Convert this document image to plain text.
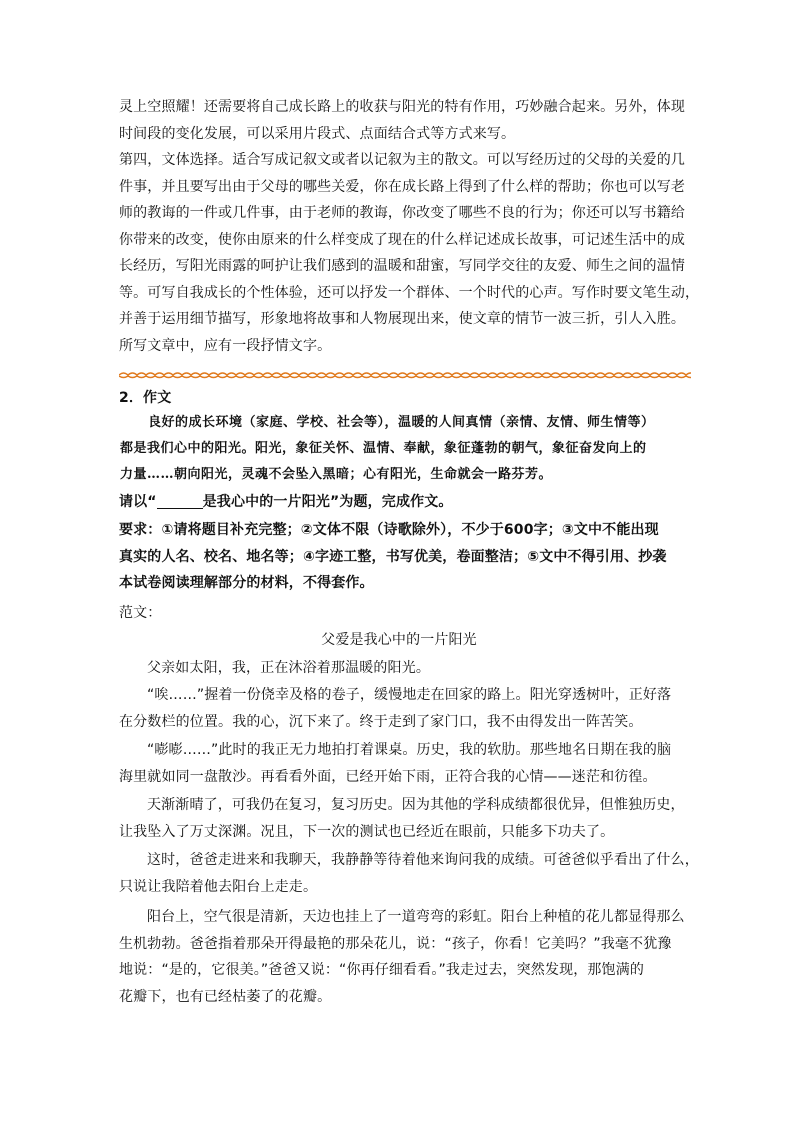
灵上空照耀！还需要将自己成长路上的收获与阳光的特有作用，巧妙融合起来。另外，体现
时间段的变化发展，可以采用片段式、点面结合式等方式来写。
第四，文体选择。适合写成记叙文或者以记叙为主的散文。可以写经历过的父母的关爱的几
件事，并且要写出由于父母的哪些关爱，你在成长路上得到了什么样的帮助；你也可以写老
师的教诲的一件或几件事，由于老师的教诲，你改变了哪些不良的行为；你还可以写书籍给
你带来的改变，使你由原来的什么样变成了现在的什么样记述成长故事，可记述生活中的成
长经历，写阳光雨露的呵护让我们感到的温暖和甜蜜，写同学交往的友爱、师生之间的温情
等。可写自我成长的个性体验，还可以抒发一个群体、一个时代的心声。写作时要文笔生动，
并善于运用细节描写，形象地将故事和人物展现出来，使文章的情节一波三折，引人入胜。
所写文章中，应有一段抒情文字。
2．作文
良好的成长环境（家庭、学校、社会等），温暖的人间真情（亲情、友情、师生情等）
都是我们心中的阳光。阳光，象征关怀、温情、奉献，象征蓬勃的朝气，象征奋发向上的
力量……朝向阳光，灵魂不会坠入黑暗；心有阳光，生命就会一路芬芳。
请以“	是我心中的一片阳光”为题，完成作文。
要求：①请将题目补充完整；②文体不限（诗歌除外），不少于600字；③文中不能出现
真实的人名、校名、地名等；④字迹工整，书写优美，卷面整洁；⑤文中不得引用、抄袭
本试卷阅读理解部分的材料，不得套作。
范文：
父爱是我心中的一片阳光
父亲如太阳，我，正在沐浴着那温暖的阳光。
“唉……”握着一份侥幸及格的卷子，缓慢地走在回家的路上。阳光穿透树叶，正好落
在分数栏的位置。我的心，沉下来了。终于走到了家门口，我不由得发出一阵苦笑。
“嘭嘭……”此时的我正无力地拍打着课桌。历史，我的软肋。那些地名日期在我的脑
海里就如同一盘散沙。再看看外面，已经开始下雨，正符合我的心情——迷茫和彷徨。
天渐渐晴了，可我仍在复习，复习历史。因为其他的学科成绩都很优异，但惟独历史，
让我坠入了万丈深渊。况且，下一次的测试也已经近在眼前，只能多下功夫了。
这时，爸爸走进来和我聊天，我静静等待着他来询问我的成绩。可爸爸似乎看出了什么，
只说让我陪着他去阳台上走走。
阳台上，空气很是清新，天边也挂上了一道弯弯的彩虹。阳台上种植的花儿都显得那么
生机勃勃。爸爸指着那朵开得最艳的那朵花儿，说：“孩子，你看！它美吗？”我毫不犹豫
地说：“是的，它很美。”爸爸又说：“你再仔细看看。”我走过去，突然发现，那饱满的
花瓣下，也有已经枯萎了的花瓣。
